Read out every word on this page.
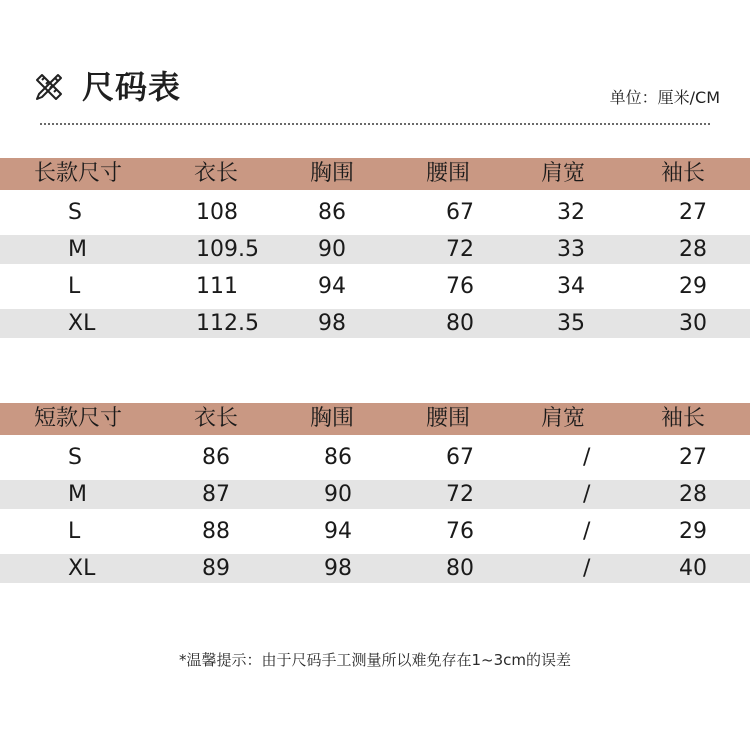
尺码表	单位：厘米/CM
长款尺寸	衣长	胸围	腰围	肩宽	袖长
S	108	86	67	32	27
M	109.5	90	72	33	28
L	111	94	76	34	29
XL	112.5	98	80	35	30
短款尺寸	衣长	胸围	腰围	肩宽	袖长
S	86	86	67	/	27
M	87	90	72	/	28
L	88	94	76	/	29
XL	89	98	80	/	40
*温馨提示：由于尺码手工测量所以难免存在1~3cm的误差
